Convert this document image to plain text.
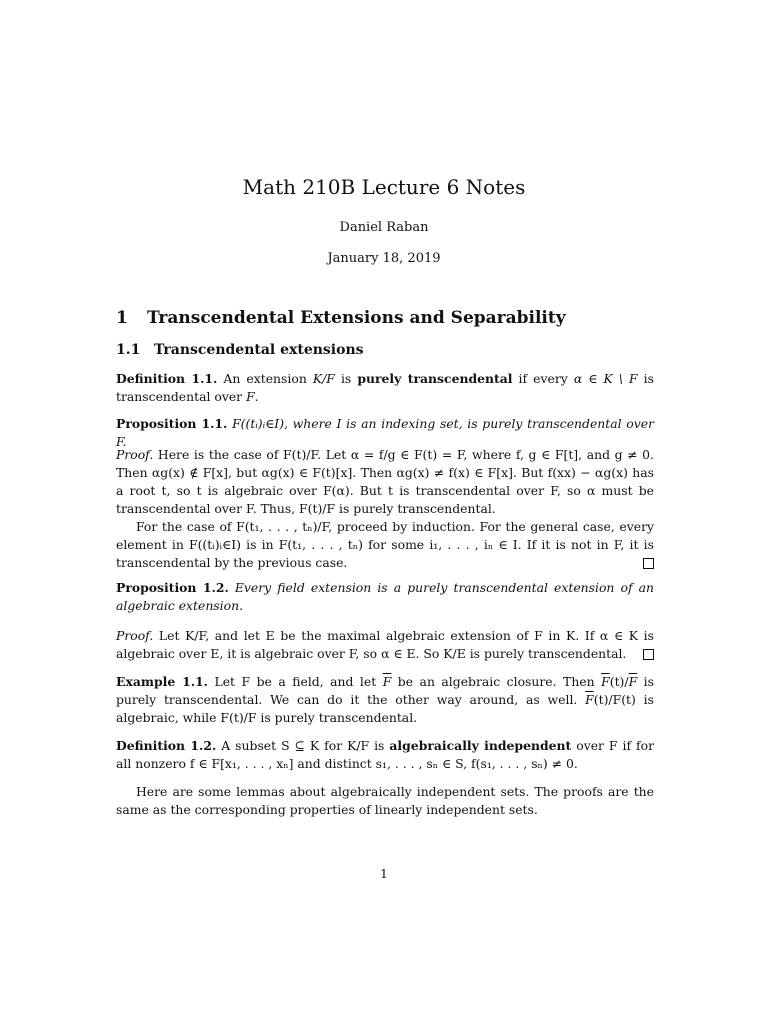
Math 210B Lecture 6 Notes
Daniel Raban
January 18, 2019
1 Transcendental Extensions and Separability
1.1 Transcendental extensions

Definition 1.1. An extension K/F is purely transcendental if every α ∈ K \ F is transcendental over F.

Proposition 1.1. F((tᵢ)ᵢ∈I), where I is an indexing set, is purely transcendental over F.

Proof. Here is the case of F(t)/F. Let α = f/g ∈ F(t) = F, where f, g ∈ F[t], and g ≠ 0. Then αg(x) ∉ F[x], but αg(x) ∈ F(t)[x]. Then αg(x) ≠ f(x) ∈ F[x]. But f(xx) − αg(x) has a root t, so t is algebraic over F(α). But t is transcendental over F, so α must be transcendental over F. Thus, F(t)/F is purely transcendental.

For the case of F(t₁, . . . , tₙ)/F, proceed by induction. For the general case, every element in F((tᵢ)ᵢ∈I) is in F(t₁, . . . , tₙ) for some i₁, . . . , iₙ ∈ I. If it is not in F, it is transcendental by the previous case.

Proposition 1.2. Every field extension is a purely transcendental extension of an algebraic extension.

Proof. Let K/F, and let E be the maximal algebraic extension of F in K. If α ∈ K is algebraic over E, it is algebraic over F, so α ∈ E. So K/E is purely transcendental.

Example 1.1. Let F be a field, and let $\overline{F}$ be an algebraic closure. Then $\overline{F}(t)/\overline{F}$ is purely transcendental. We can do it the other way around, as well. $\overline{F}(t)/F(t)$ is algebraic, while F(t)/F is purely transcendental.

Definition 1.2. A subset S ⊆ K for K/F is algebraically independent over F if for all nonzero f ∈ F[x₁, . . . , xₙ] and distinct s₁, . . . , sₙ ∈ S, f(s₁, . . . , sₙ) ≠ 0.

Here are some lemmas about algebraically independent sets. The proofs are the same as the corresponding properties of linearly independent sets.

1
